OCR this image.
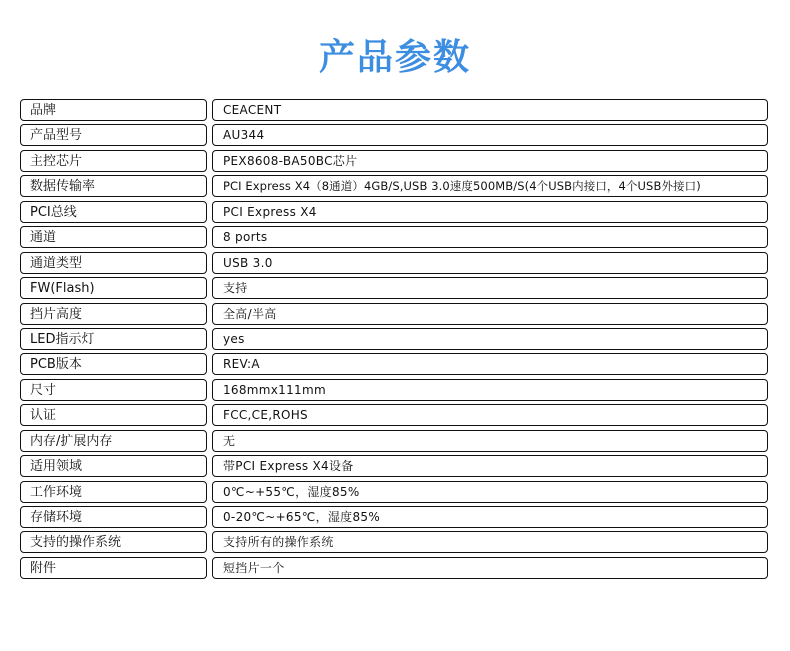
产品参数
品牌	CEACENT
产品型号	AU344
主控芯片	PEX8608-BA50BC芯片
数据传输率	PCI Express X4（8通道）4GB/S,USB 3.0速度500MB/S(4个USB内接口，4个USB外接口)
PCI总线	PCI Express X4
通道	8 ports
通道类型	USB 3.0
FW(Flash)	支持
挡片高度	全高/半高
LED指示灯	yes
PCB版本	REV:A
尺寸	168mmx111mm
认证	FCC,CE,ROHS
内存/扩展内存	无
适用领域	带PCI Express X4设备
工作环境	0℃~+55℃，湿度85%
存储环境	0-20℃~+65℃，湿度85%
支持的操作系统	支持所有的操作系统
附件	短挡片一个
